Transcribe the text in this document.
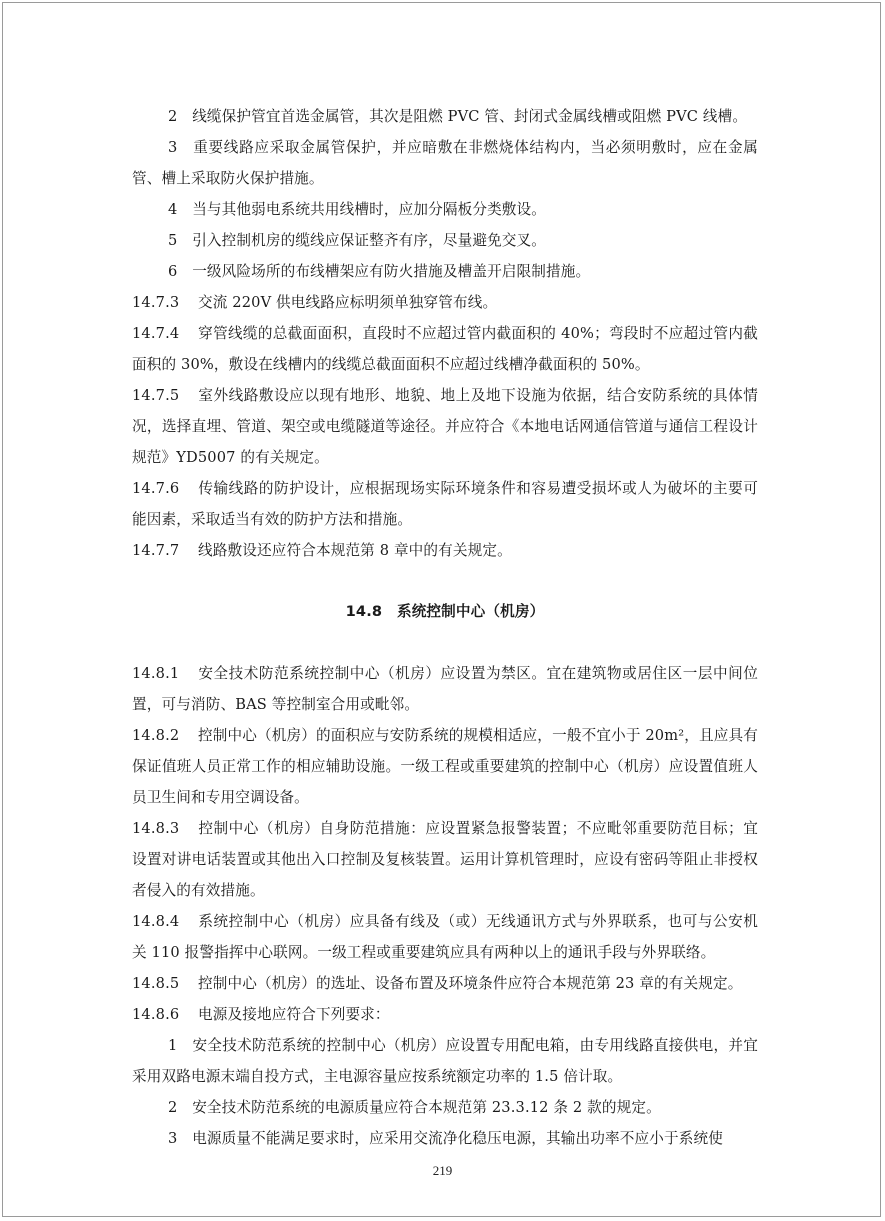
2　 线缆保护管宜首选金属管，其次是阻燃 PVC 管、封闭式金属线槽或阻燃 PVC 线槽。

3　 重要线路应采取金属管保护，并应暗敷在非燃烧体结构内，当必须明敷时，应在金属管、槽上采取防火保护措施。

4　 当与其他弱电系统共用线槽时，应加分隔板分类敷设。

5　 引入控制机房的缆线应保证整齐有序，尽量避免交叉。

6　 一级风险场所的布线槽架应有防火措施及槽盖开启限制措施。

14.7.3 交流 220V 供电线路应标明须单独穿管布线。

14.7.4 穿管线缆的总截面面积，直段时不应超过管内截面积的 40%；弯段时不应超过管内截面积的 30%，敷设在线槽内的线缆总截面面积不应超过线槽净截面积的 50%。

14.7.5 室外线路敷设应以现有地形、地貌、地上及地下设施为依据，结合安防系统的具体情况，选择直埋、管道、架空或电缆隧道等途径。并应符合《本地电话网通信管道与通信工程设计规范》YD5007 的有关规定。

14.7.6 传输线路的防护设计，应根据现场实际环境条件和容易遭受损坏或人为破坏的主要可能因素，采取适当有效的防护方法和措施。

14.7.7 线路敷设还应符合本规范第 8 章中的有关规定。

14.8　系统控制中心（机房）

14.8.1 安全技术防范系统控制中心（机房）应设置为禁区。宜在建筑物或居住区一层中间位置，可与消防、BAS 等控制室合用或毗邻。

14.8.2 控制中心（机房）的面积应与安防系统的规模相适应，一般不宜小于 20m²，且应具有保证值班人员正常工作的相应辅助设施。一级工程或重要建筑的控制中心（机房）应设置值班人员卫生间和专用空调设备。

14.8.3 控制中心（机房）自身防范措施：应设置紧急报警装置；不应毗邻重要防范目标；宜设置对讲电话装置或其他出入口控制及复核装置。运用计算机管理时，应设有密码等阻止非授权者侵入的有效措施。

14.8.4 系统控制中心（机房）应具备有线及（或）无线通讯方式与外界联系，也可与公安机关 110 报警指挥中心联网。一级工程或重要建筑应具有两种以上的通讯手段与外界联络。

14.8.5 控制中心（机房）的选址、设备布置及环境条件应符合本规范第 23 章的有关规定。

14.8.6 电源及接地应符合下列要求：

1　 安全技术防范系统的控制中心（机房）应设置专用配电箱，由专用线路直接供电，并宜采用双路电源末端自投方式，主电源容量应按系统额定功率的 1.5 倍计取。

2　 安全技术防范系统的电源质量应符合本规范第 23.3.12 条 2 款的规定。

3　 电源质量不能满足要求时，应采用交流净化稳压电源，其输出功率不应小于系统使

219
